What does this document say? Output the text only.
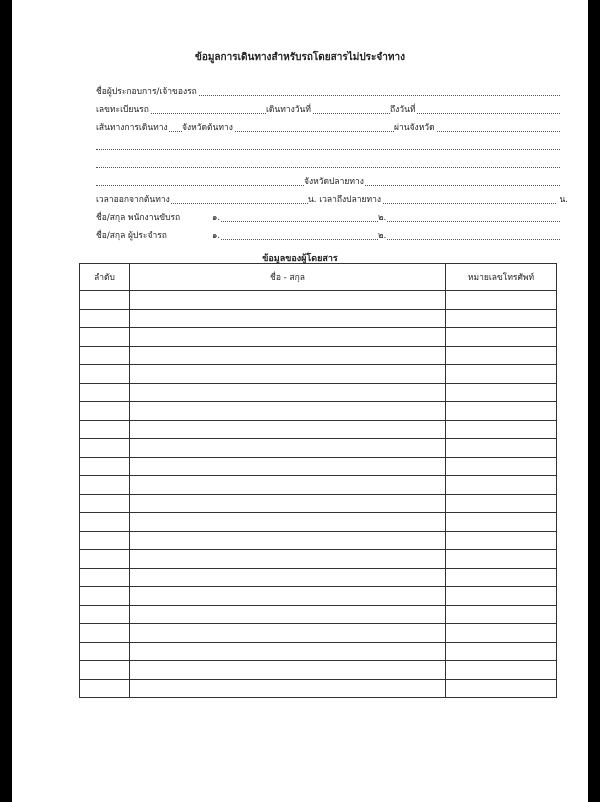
ข้อมูลการเดินทางสำหรับรถโดยสารไม่ประจำทาง
ชื่อผู้ประกอบการ/เจ้าของรถ
เลขทะเบียนรถ	เดินทางวันที่	ถึงวันที่
เส้นทางการเดินทาง จังหวัดต้นทาง	ผ่านจังหวัด
จังหวัดปลายทาง
เวลาออกจากต้นทาง	น. เวลาถึงปลายทาง	น.
ชื่อ/สกุล พนักงานขับรถ	๑.	๒.
ชื่อ/สกุล ผู้ประจำรถ	๑.	๒.
ข้อมูลของผู้โดยสาร
ลำดับ	ชื่อ - สกุล	หมายเลขโทรศัพท์
